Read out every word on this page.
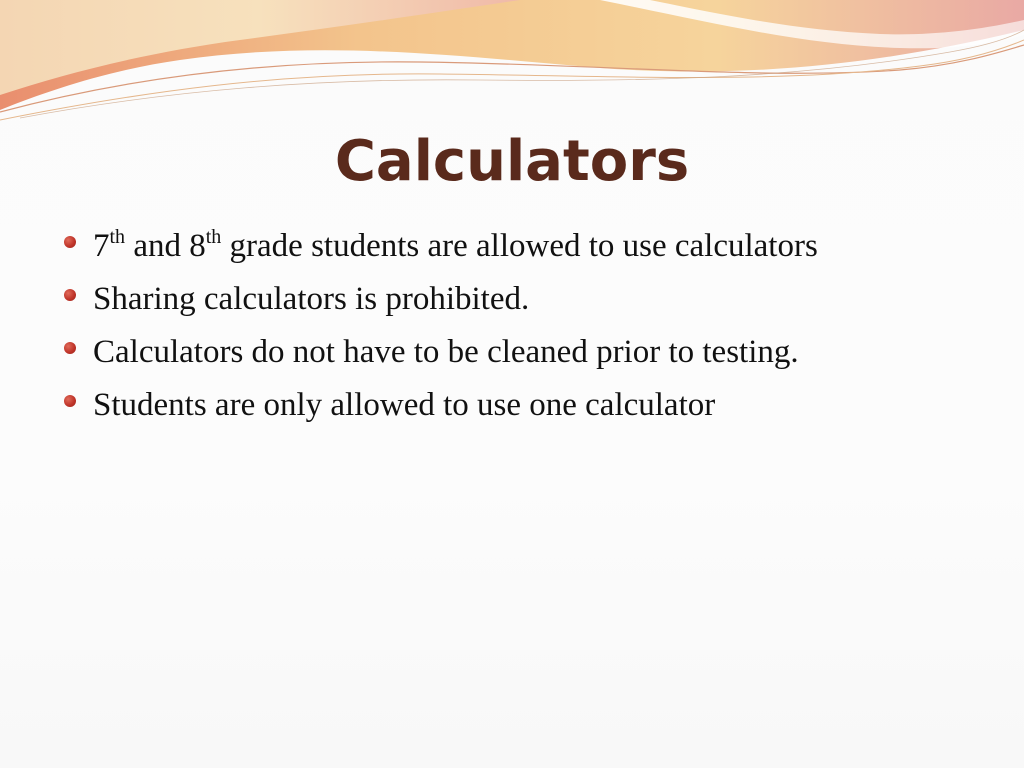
Calculators
7th and 8th grade students are allowed to use calculators
Sharing calculators is prohibited.
Calculators do not have to be cleaned prior to testing.
Students are only allowed to use one calculator
